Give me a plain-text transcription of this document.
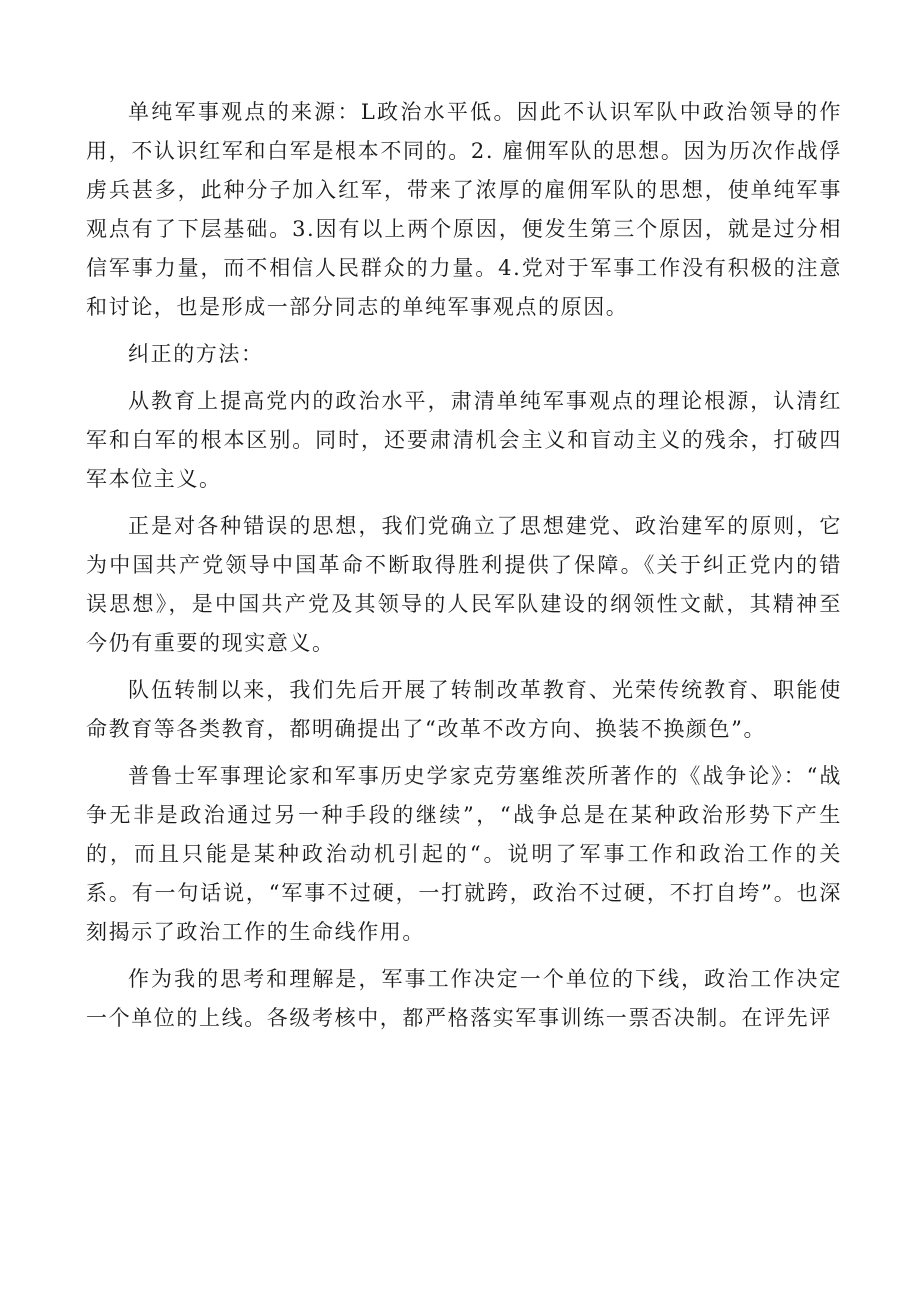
单纯军事观点的来源：L政治水平低。因此不认识军队中政治领导的作用，不认识红军和白军是根本不同的。2. 雇佣军队的思想。因为历次作战俘虏兵甚多，此种分子加入红军，带来了浓厚的雇佣军队的思想，使单纯军事观点有了下层基础。3.因有以上两个原因，便发生第三个原因，就是过分相信军事力量，而不相信人民群众的力量。4.党对于军事工作没有积极的注意和讨论，也是形成一部分同志的单纯军事观点的原因。

纠正的方法：

从教育上提高党内的政治水平，肃清单纯军事观点的理论根源，认清红军和白军的根本区别。同时，还要肃清机会主义和盲动主义的残余，打破四军本位主义。

正是对各种错误的思想，我们党确立了思想建党、政治建军的原则，它为中国共产党领导中国革命不断取得胜利提供了保障。《关于纠正党内的错误思想》，是中国共产党及其领导的人民军队建设的纲领性文献，其精神至今仍有重要的现实意义。

队伍转制以来，我们先后开展了转制改革教育、光荣传统教育、职能使命教育等各类教育，都明确提出了“改革不改方向、换装不换颜色”。

普鲁士军事理论家和军事历史学家克劳塞维茨所著作的《战争论》：“战争无非是政治通过另一种手段的继续”，“战争总是在某种政治形势下产生的，而且只能是某种政治动机引起的“。说明了军事工作和政治工作的关系。有一句话说，“军事不过硬，一打就跨，政治不过硬，不打自垮”。也深刻揭示了政治工作的生命线作用。

作为我的思考和理解是，军事工作决定一个单位的下线，政治工作决定一个单位的上线。各级考核中，都严格落实军事训练一票否决制。在评先评
